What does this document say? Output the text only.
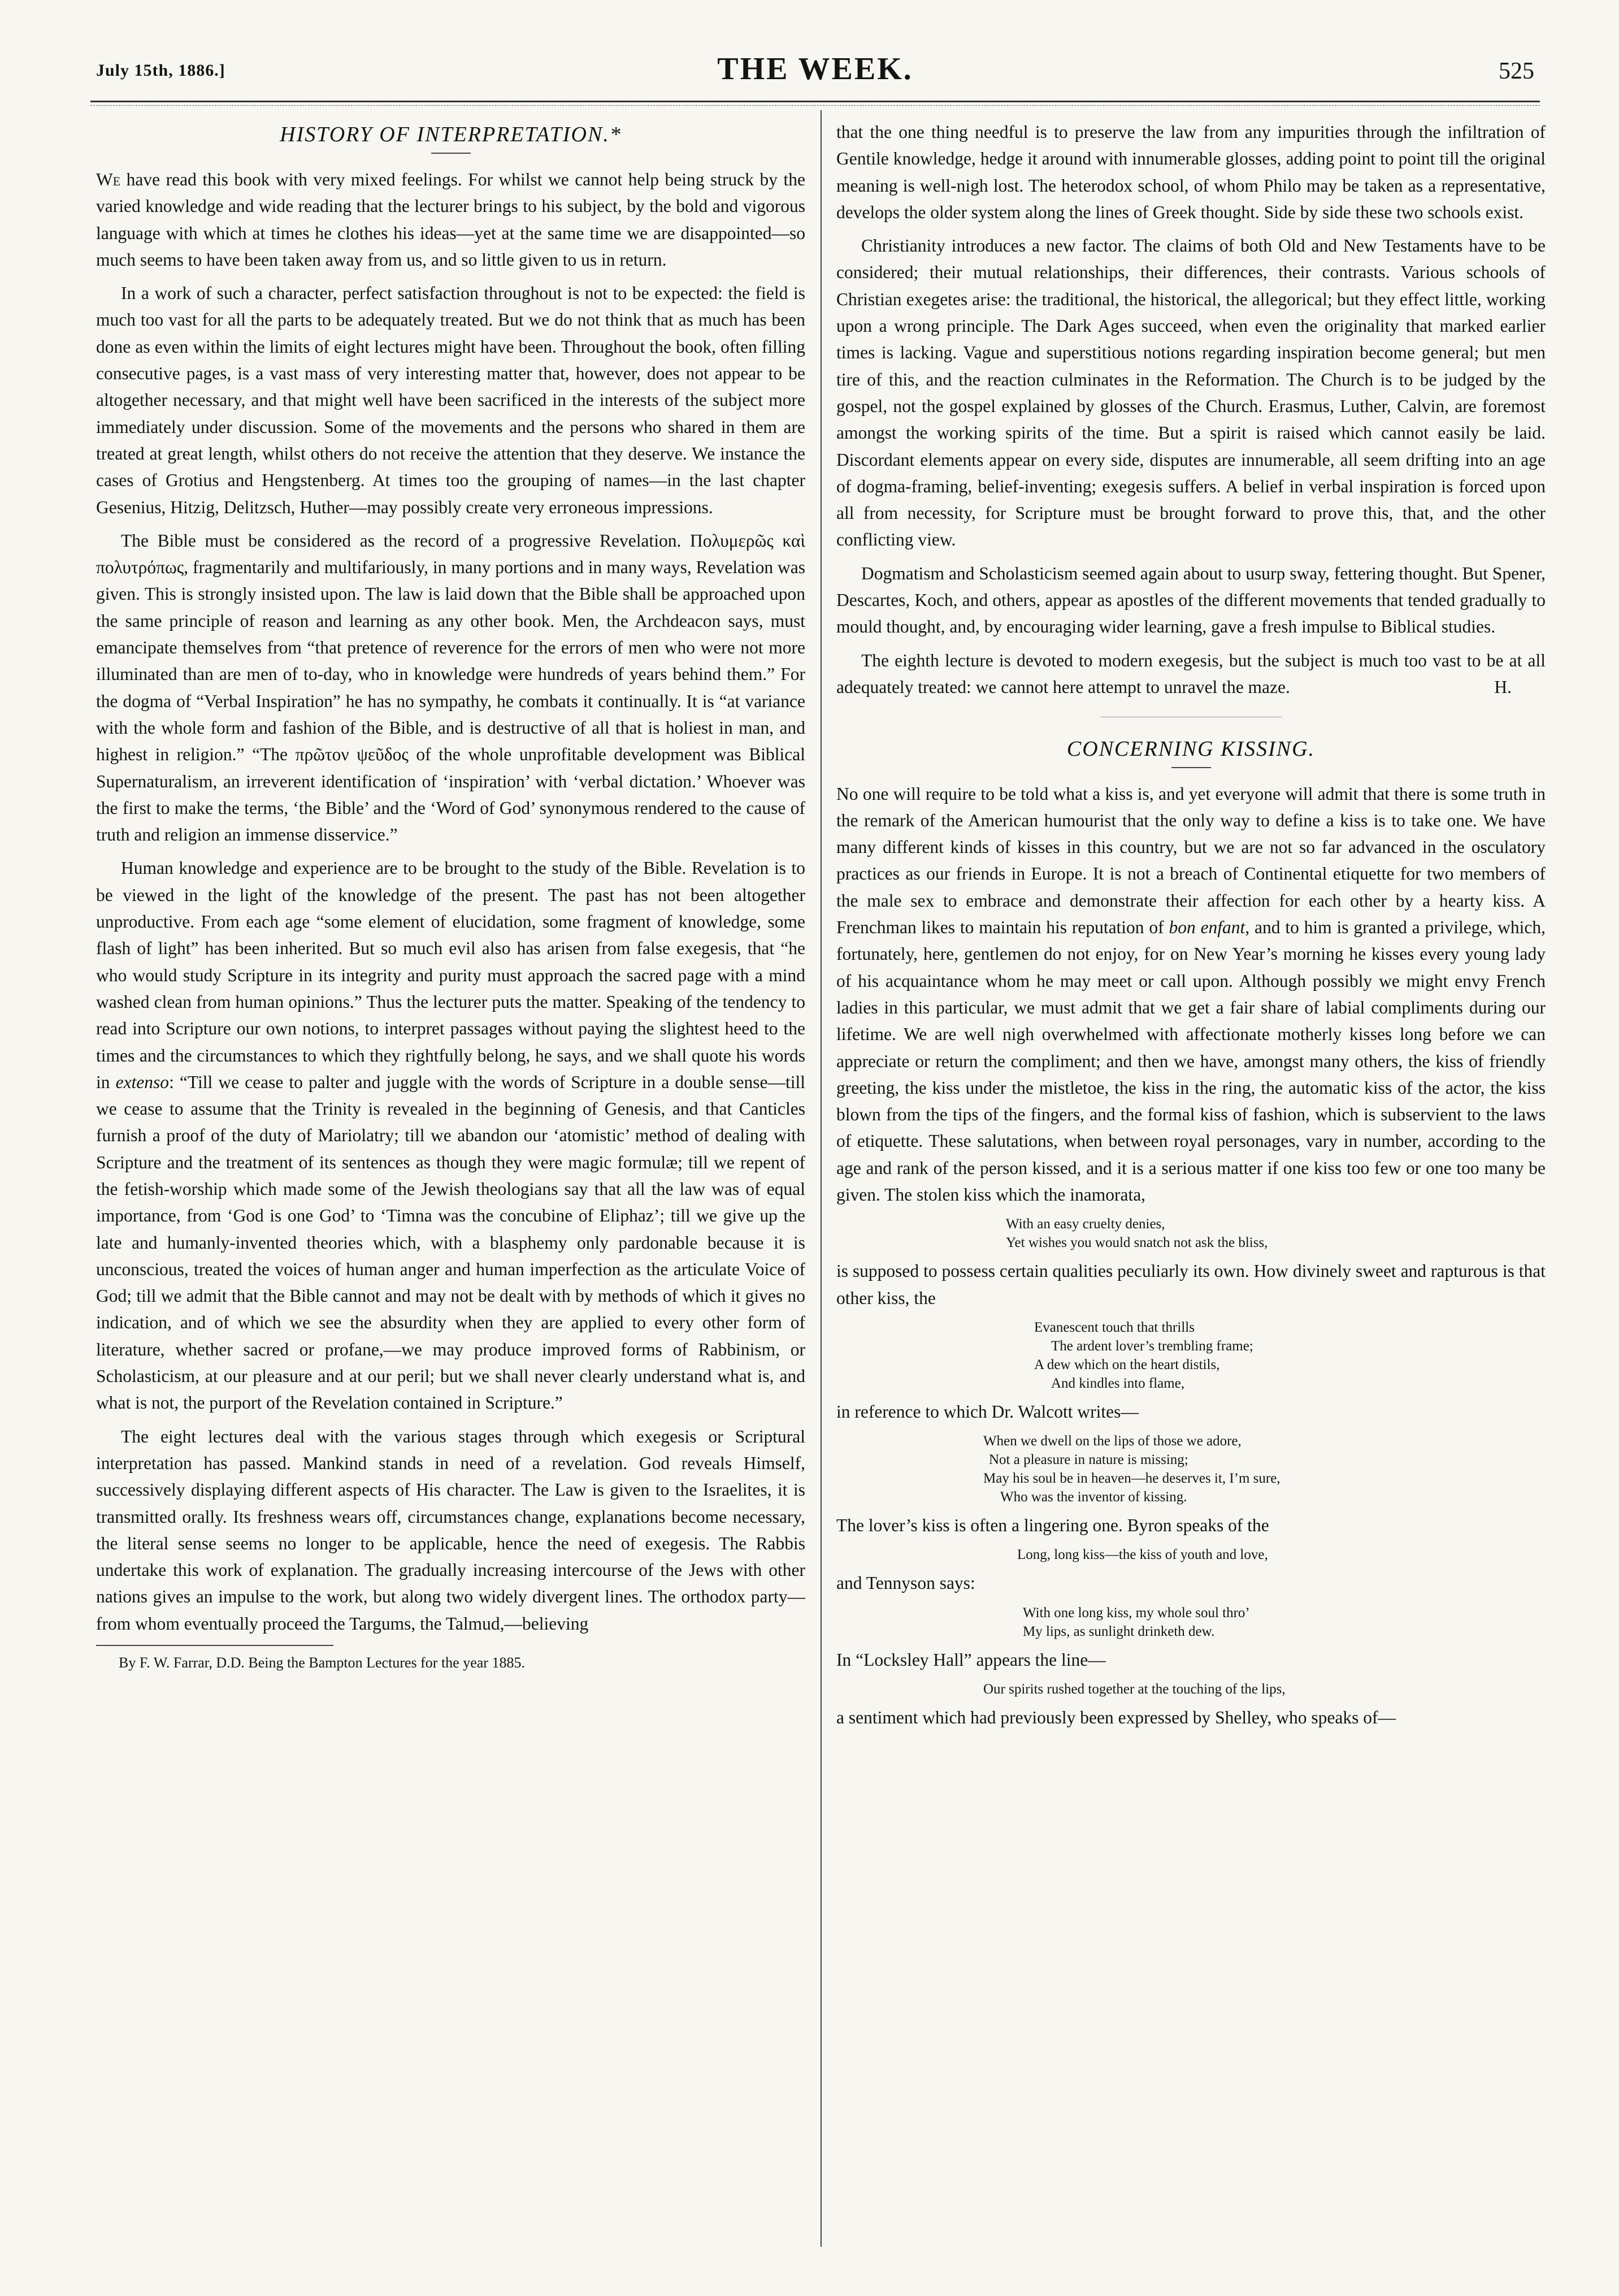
July 15th, 1886.]	THE WEEK.	525
HISTORY OF INTERPRETATION.*

We have read this book with very mixed feelings. For whilst we cannot help being struck by the varied knowledge and wide reading that the lecturer brings to his subject, by the bold and vigorous language with which at times he clothes his ideas—yet at the same time we are disappointed—so much seems to have been taken away from us, and so little given to us in return.

In a work of such a character, perfect satisfaction throughout is not to be expected: the field is much too vast for all the parts to be adequately treated. But we do not think that as much has been done as even within the limits of eight lectures might have been. Throughout the book, often filling consecutive pages, is a vast mass of very interesting matter that, however, does not appear to be altogether necessary, and that might well have been sacrificed in the interests of the subject more immediately under discussion. Some of the movements and the persons who shared in them are treated at great length, whilst others do not receive the attention that they deserve. We instance the cases of Grotius and Hengstenberg. At times too the grouping of names—in the last chapter Gesenius, Hitzig, Delitzsch, Huther—may possibly create very erroneous impressions.

The Bible must be considered as the record of a progressive Revelation. Πολυμερῶς καὶ πολυτρόπως, fragmentarily and multifariously, in many portions and in many ways, Revelation was given. This is strongly insisted upon. The law is laid down that the Bible shall be approached upon the same principle of reason and learning as any other book. Men, the Archdeacon says, must emancipate themselves from “that pretence of reverence for the errors of men who were not more illuminated than are men of to-day, who in knowledge were hundreds of years behind them.” For the dogma of “Verbal Inspiration” he has no sympathy, he combats it continually. It is “at variance with the whole form and fashion of the Bible, and is destructive of all that is holiest in man, and highest in religion.” “The πρῶτον ψεῦδος of the whole unprofitable development was Biblical Supernaturalism, an irreverent identification of ‘inspiration’ with ‘verbal dictation.’ Whoever was the first to make the terms, ‘the Bible’ and the ‘Word of God’ synonymous rendered to the cause of truth and religion an immense disservice.”

Human knowledge and experience are to be brought to the study of the Bible. Revelation is to be viewed in the light of the knowledge of the present. The past has not been altogether unproductive. From each age “some element of elucidation, some fragment of knowledge, some flash of light” has been inherited. But so much evil also has arisen from false exegesis, that “he who would study Scripture in its integrity and purity must approach the sacred page with a mind washed clean from human opinions.” Thus the lecturer puts the matter. Speaking of the tendency to read into Scripture our own notions, to interpret passages without paying the slightest heed to the times and the circumstances to which they rightfully belong, he says, and we shall quote his words in extenso: “Till we cease to palter and juggle with the words of Scripture in a double sense—till we cease to assume that the Trinity is revealed in the beginning of Genesis, and that Canticles furnish a proof of the duty of Mariolatry; till we abandon our ‘atomistic’ method of dealing with Scripture and the treatment of its sentences as though they were magic formulæ; till we repent of the fetish-worship which made some of the Jewish theologians say that all the law was of equal importance, from ‘God is one God’ to ‘Timna was the concubine of Eliphaz’; till we give up the late and humanly-invented theories which, with a blasphemy only pardonable because it is unconscious, treated the voices of human anger and human imperfection as the articulate Voice of God; till we admit that the Bible cannot and may not be dealt with by methods of which it gives no indication, and of which we see the absurdity when they are applied to every other form of literature, whether sacred or profane,—we may produce improved forms of Rabbinism, or Scholasticism, at our pleasure and at our peril; but we shall never clearly understand what is, and what is not, the purport of the Revelation contained in Scripture.”

The eight lectures deal with the various stages through which exegesis or Scriptural interpretation has passed. Mankind stands in need of a revelation. God reveals Himself, successively displaying different aspects of His character. The Law is given to the Israelites, it is transmitted orally. Its freshness wears off, circumstances change, explanations become necessary, the literal sense seems no longer to be applicable, hence the need of exegesis. The Rabbis undertake this work of explanation. The gradually increasing intercourse of the Jews with other nations gives an impulse to the work, but along two widely divergent lines. The orthodox party—from whom eventually proceed the Targums, the Talmud,—believing

By F. W. Farrar, D.D. Being the Bampton Lectures for the year 1885.

that the one thing needful is to preserve the law from any impurities through the infiltration of Gentile knowledge, hedge it around with innumerable glosses, adding point to point till the original meaning is well-nigh lost. The heterodox school, of whom Philo may be taken as a representative, develops the older system along the lines of Greek thought. Side by side these two schools exist.

Christianity introduces a new factor. The claims of both Old and New Testaments have to be considered; their mutual relationships, their differences, their contrasts. Various schools of Christian exegetes arise: the traditional, the historical, the allegorical; but they effect little, working upon a wrong principle. The Dark Ages succeed, when even the originality that marked earlier times is lacking. Vague and superstitious notions regarding inspiration become general; but men tire of this, and the reaction culminates in the Reformation. The Church is to be judged by the gospel, not the gospel explained by glosses of the Church. Erasmus, Luther, Calvin, are foremost amongst the working spirits of the time. But a spirit is raised which cannot easily be laid. Discordant elements appear on every side, disputes are innumerable, all seem drifting into an age of dogma-framing, belief-inventing; exegesis suffers. A belief in verbal inspiration is forced upon all from necessity, for Scripture must be brought forward to prove this, that, and the other conflicting view.

Dogmatism and Scholasticism seemed again about to usurp sway, fettering thought. But Spener, Descartes, Koch, and others, appear as apostles of the different movements that tended gradually to mould thought, and, by encouraging wider learning, gave a fresh impulse to Biblical studies.

The eighth lecture is devoted to modern exegesis, but the subject is much too vast to be at all adequately treated: we cannot here attempt to unravel the maze.	H.
CONCERNING KISSING.

No one will require to be told what a kiss is, and yet everyone will admit that there is some truth in the remark of the American humourist that the only way to define a kiss is to take one. We have many different kinds of kisses in this country, but we are not so far advanced in the osculatory practices as our friends in Europe. It is not a breach of Continental etiquette for two members of the male sex to embrace and demonstrate their affection for each other by a hearty kiss. A Frenchman likes to maintain his reputation of bon enfant, and to him is granted a privilege, which, fortunately, here, gentlemen do not enjoy, for on New Year’s morning he kisses every young lady of his acquaintance whom he may meet or call upon. Although possibly we might envy French ladies in this particular, we must admit that we get a fair share of labial compliments during our lifetime. We are well nigh overwhelmed with affectionate motherly kisses long before we can appreciate or return the compliment; and then we have, amongst many others, the kiss of friendly greeting, the kiss under the mistletoe, the kiss in the ring, the automatic kiss of the actor, the kiss blown from the tips of the fingers, and the formal kiss of fashion, which is subservient to the laws of etiquette. These salutations, when between royal personages, vary in number, according to the age and rank of the person kissed, and it is a serious matter if one kiss too few or one too many be given. The stolen kiss which the inamorata,

With an easy cruelty denies,
Yet wishes you would snatch not ask the bliss,

is supposed to possess certain qualities peculiarly its own. How divinely sweet and rapturous is that other kiss, the

Evanescent touch that thrills
The ardent lover’s trembling frame;
A dew which on the heart distils,
And kindles into flame,

in reference to which Dr. Walcott writes—

When we dwell on the lips of those we adore,
Not a pleasure in nature is missing;
May his soul be in heaven—he deserves it, I’m sure,
Who was the inventor of kissing.

The lover’s kiss is often a lingering one. Byron speaks of the

Long, long kiss—the kiss of youth and love,

and Tennyson says:

With one long kiss, my whole soul thro’
My lips, as sunlight drinketh dew.

In “Locksley Hall” appears the line—

Our spirits rushed together at the touching of the lips,

a sentiment which had previously been expressed by Shelley, who speaks of—
